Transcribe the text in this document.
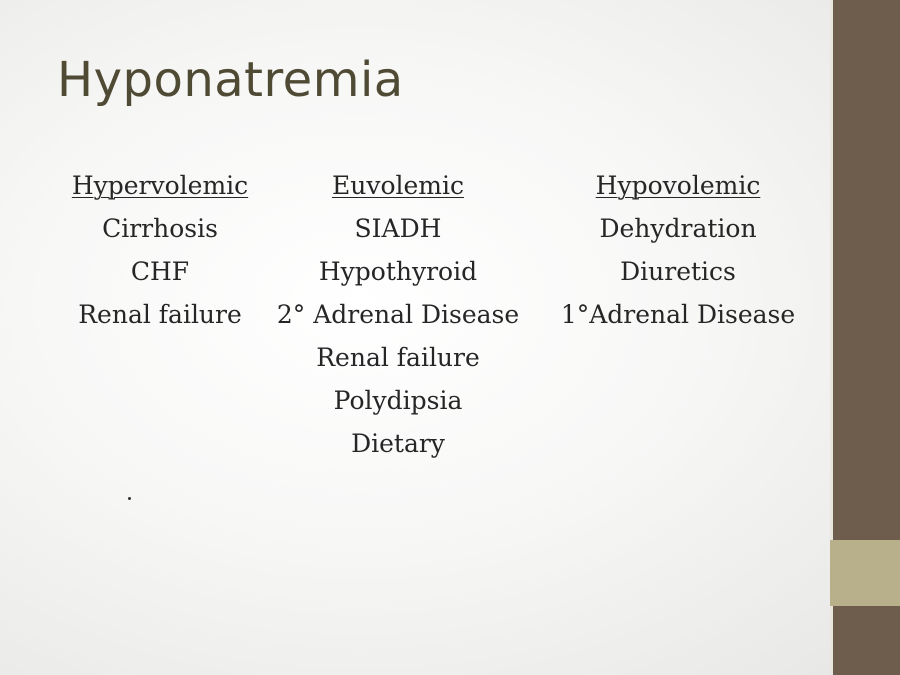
Hyponatremia
Hypervolemic
Cirrhosis
CHF
Renal failure
Euvolemic
SIADH
Hypothyroid
2° Adrenal Disease
Renal failure
Polydipsia
Dietary
Hypovolemic
Dehydration
Diuretics
1°Adrenal Disease
